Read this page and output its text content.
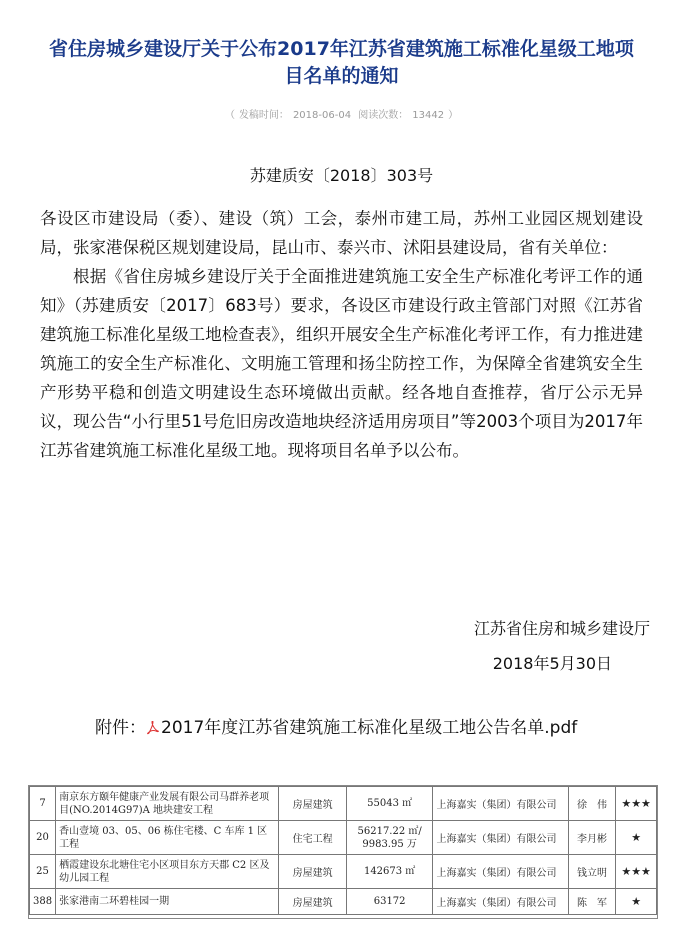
省住房城乡建设厅关于公布2017年江苏省建筑施工标准化星级工地项目名单的通知
（ 发稿时间： 2018-06-04 阅读次数： 13442 ）
苏建质安〔2018〕303号

各设区市建设局（委）、建设（筑）工会，泰州市建工局，苏州工业园区规划建设局，张家港保税区规划建设局，昆山市、泰兴市、沭阳县建设局，省有关单位：

根据《省住房城乡建设厅关于全面推进建筑施工安全生产标准化考评工作的通知》（苏建质安〔2017〕683号）要求，各设区市建设行政主管部门对照《江苏省建筑施工标准化星级工地检查表》，组织开展安全生产标准化考评工作，有力推进建筑施工的安全生产标准化、文明施工管理和扬尘防控工作，为保障全省建筑安全生产形势平稳和创造文明建设生态环境做出贡献。经各地自查推荐，省厅公示无异议，现公告“小行里51号危旧房改造地块经济适用房项目”等2003个项目为2017年江苏省建筑施工标准化星级工地。现将项目名单予以公布。

江苏省住房和城乡建设厅
2018年5月30日
附件： 2017年度江苏省建筑施工标准化星级工地公告名单.pdf
7	南京东方颐年健康产业发展有限公司马群养老项目(NO.2014G97)A 地块建安工程	房屋建筑	55043 ㎡	上海嘉实（集团）有限公司	徐　伟	★★★
20	香山壹境 03、05、06 栋住宅楼、C 车库 1 区工程	住宅工程	56217.22 ㎡/
9983.95 万	上海嘉实（集团）有限公司	李月彬	★
25	栖霞建设东北塘住宅小区项目东方天郡 C2 区及幼儿园工程	房屋建筑	142673 ㎡	上海嘉实（集团）有限公司	钱立明	★★★
388	张家港南二环碧桂园一期	房屋建筑	63172	上海嘉实（集团）有限公司	陈　军	★
